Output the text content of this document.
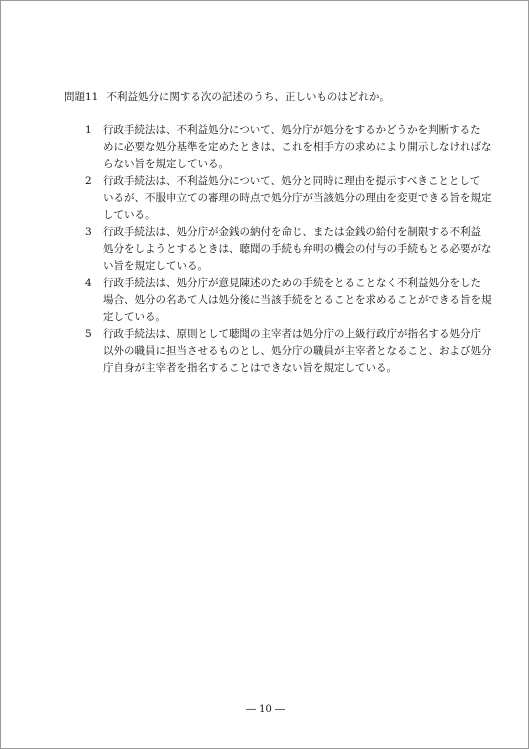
問題11 不利益処分に関する次の記述のうち、正しいものはどれか。
1	行政手続法は、不利益処分について、処分庁が処分をするかどうかを判断するた
めに必要な処分基準を定めたときは、これを相手方の求めにより開示しなければな
らない旨を規定している。
2	行政手続法は、不利益処分について、処分と同時に理由を提示すべきこととして
いるが、不服申立ての審理の時点で処分庁が当該処分の理由を変更できる旨を規定
している。
3	行政手続法は、処分庁が金銭の納付を命じ、または金銭の給付を制限する不利益
処分をしようとするときは、聴聞の手続も弁明の機会の付与の手続もとる必要がな
い旨を規定している。
4	行政手続法は、処分庁が意見陳述のための手続をとることなく不利益処分をした
場合、処分の名あて人は処分後に当該手続をとることを求めることができる旨を規
定している。
5	行政手続法は、原則として聴聞の主宰者は処分庁の上級行政庁が指名する処分庁
以外の職員に担当させるものとし、処分庁の職員が主宰者となること、および処分
庁自身が主宰者を指名することはできない旨を規定している。
― 10 ―
